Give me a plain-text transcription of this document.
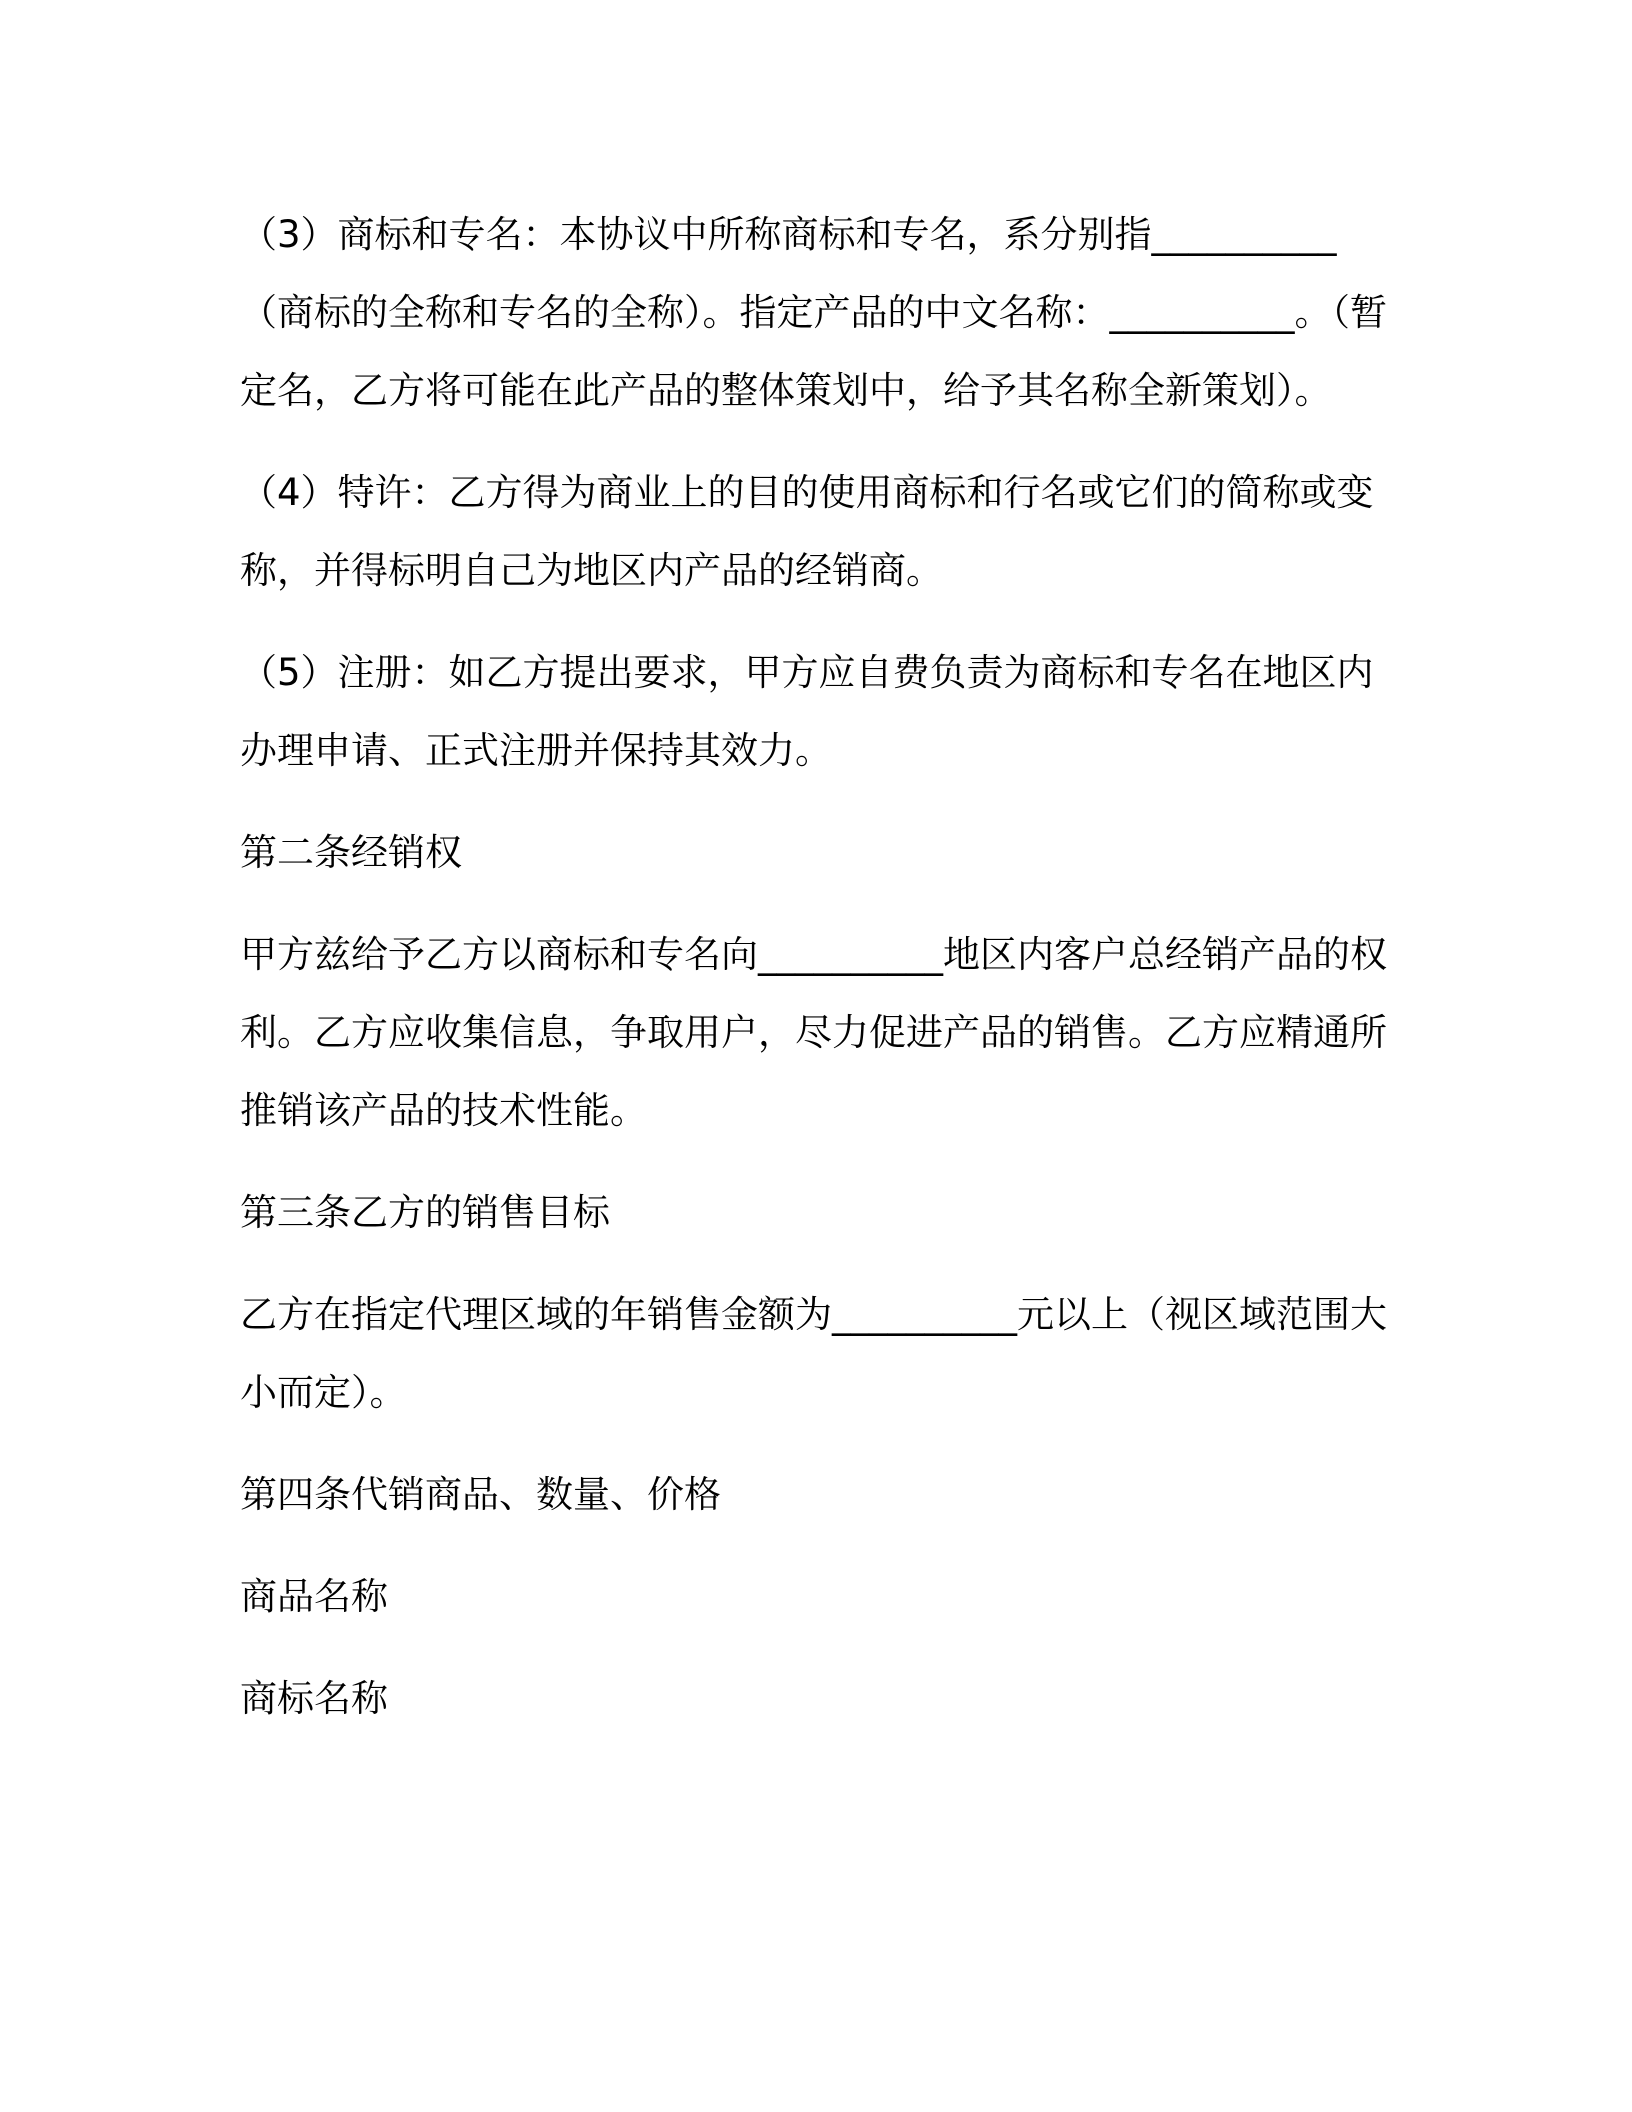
（3）商标和专名：本协议中所称商标和专名，系分别指__________（商标的全称和专名的全称）。指定产品的中文名称：__________。（暂定名，乙方将可能在此产品的整体策划中，给予其名称全新策划）。

（4）特许：乙方得为商业上的目的使用商标和行名或它们的简称或变称，并得标明自己为地区内产品的经销商。

（5）注册：如乙方提出要求，甲方应自费负责为商标和专名在地区内办理申请、正式注册并保持其效力。

第二条经销权

甲方兹给予乙方以商标和专名向__________地区内客户总经销产品的权利。乙方应收集信息，争取用户，尽力促进产品的销售。乙方应精通所推销该产品的技术性能。

第三条乙方的销售目标

乙方在指定代理区域的年销售金额为__________元以上（视区域范围大小而定）。

第四条代销商品、数量、价格

商品名称

商标名称
